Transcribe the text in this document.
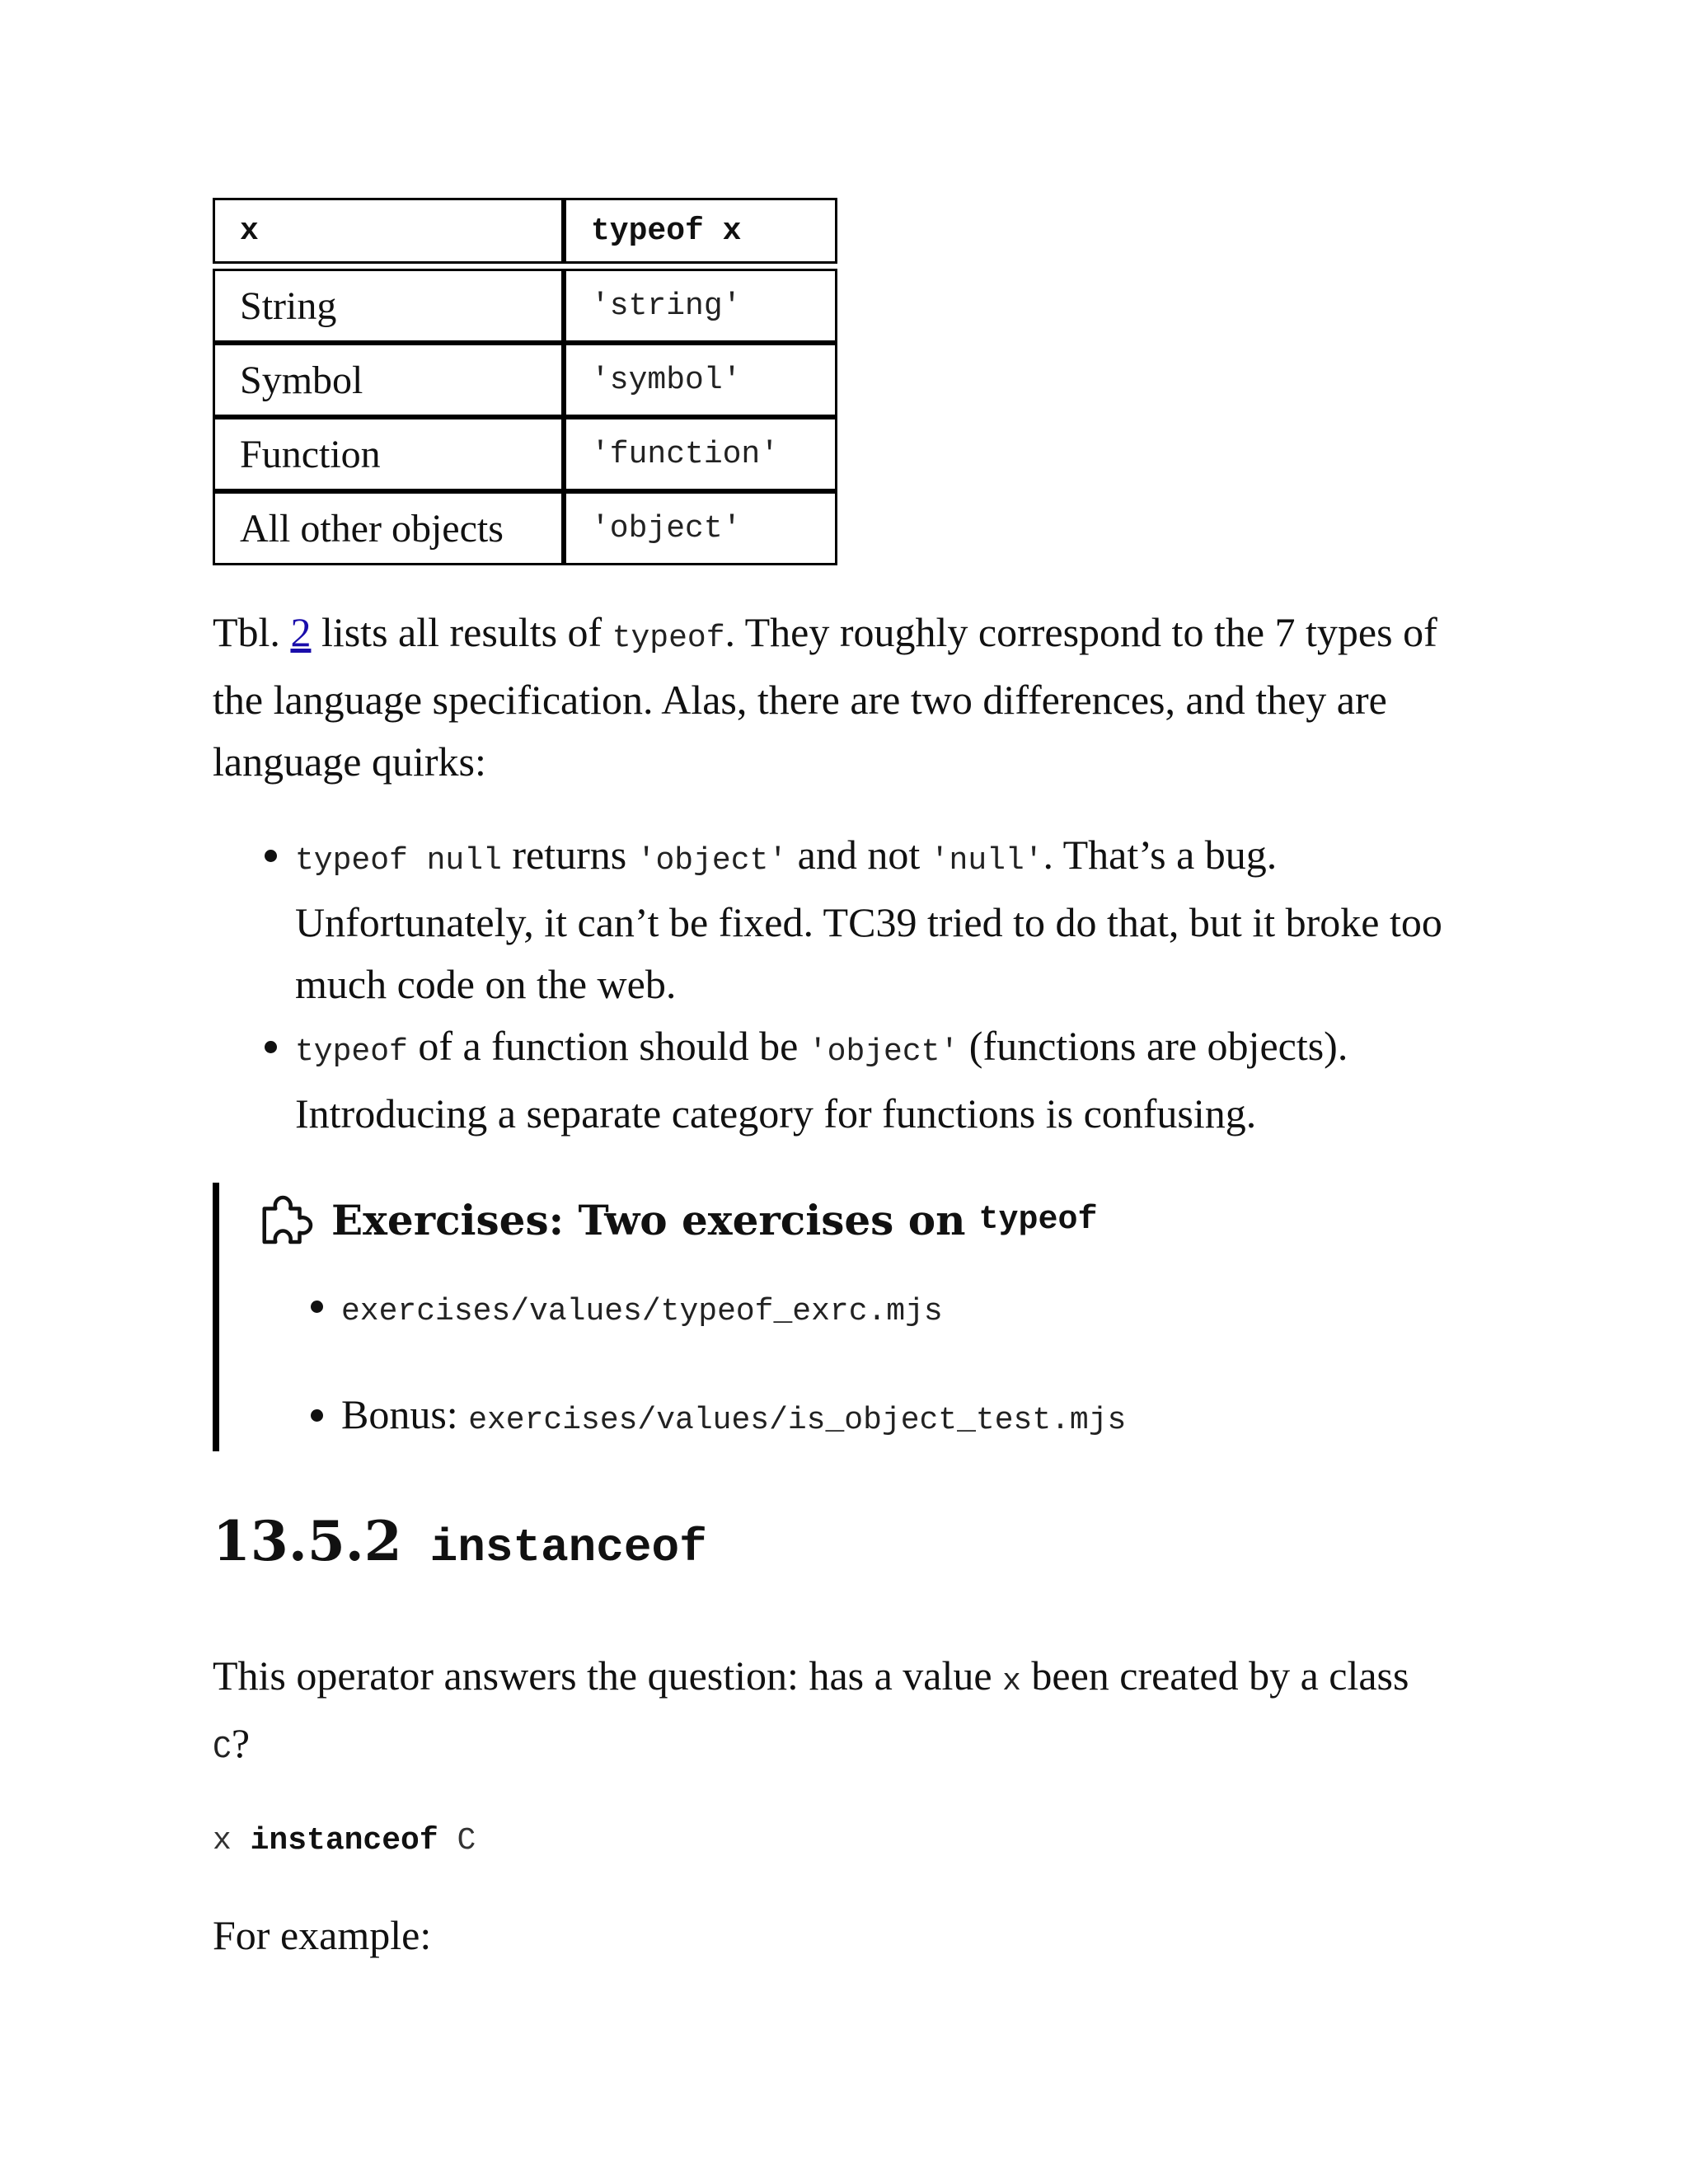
x	typeof x

String	'string'
Symbol	'symbol'
Function	'function'
All other objects	'object'

Tbl. 2 lists all results of typeof. They roughly correspond to the 7 types of the language specification. Alas, there are two differences, and they are language quirks:

• typeof null returns 'object' and not 'null'. That’s a bug. Unfortunately, it can’t be fixed. TC39 tried to do that, but it broke too much code on the web.
• typeof of a function should be 'object' (functions are objects). Introducing a separate category for functions is confusing.
Exercises: Two exercises on typeof
• exercises/values/typeof_exrc.mjs
• Bonus: exercises/values/is_object_test.mjs
13.5.2 instanceof

This operator answers the question: has a value x been created by a class C?

x instanceof C

For example:
